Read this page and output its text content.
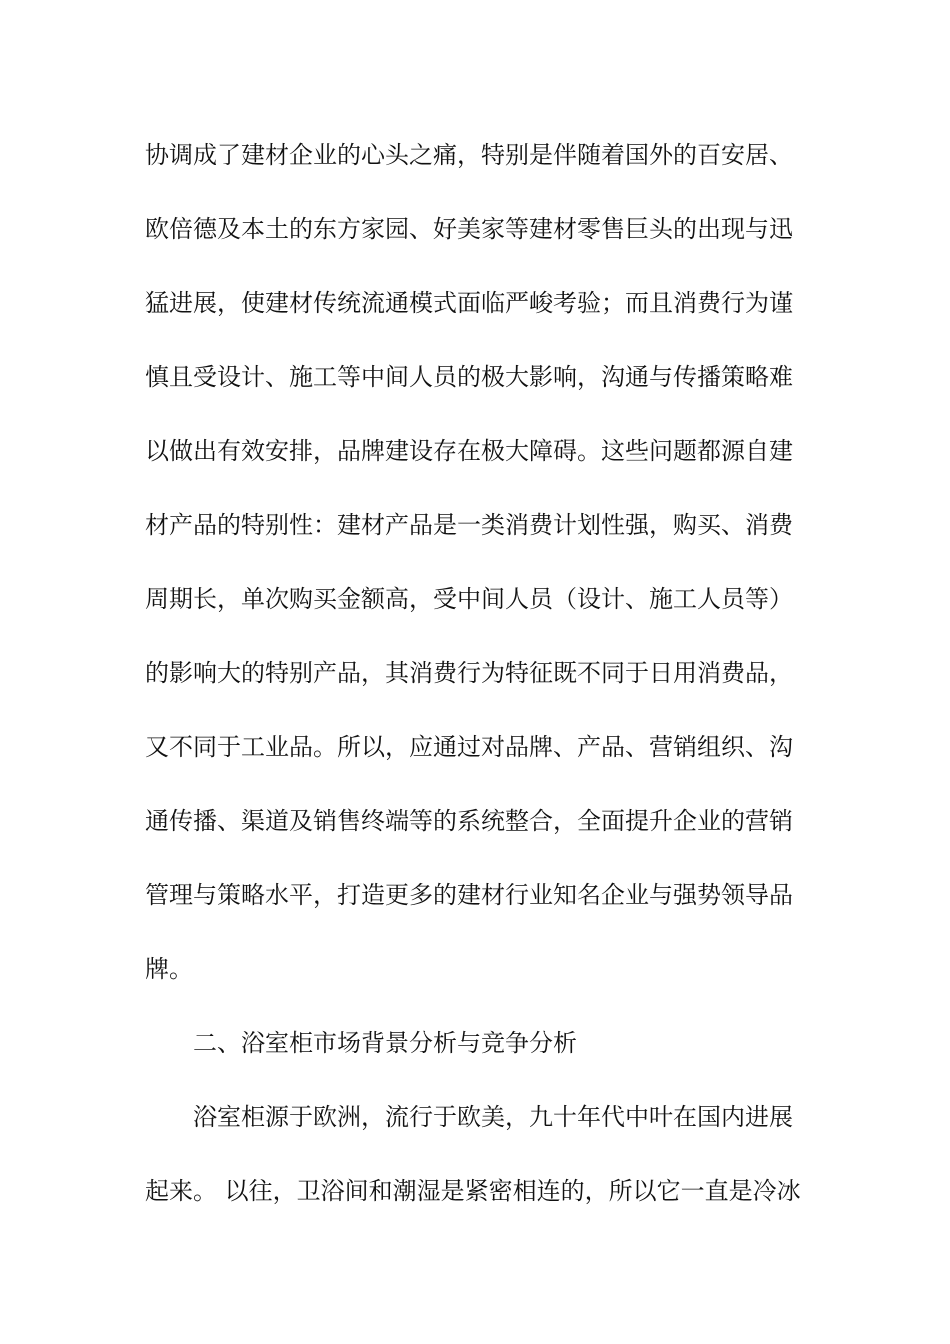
协调成了建材企业的心头之痛，特别是伴随着国外的百安居、
欧倍德及本土的东方家园、好美家等建材零售巨头的出现与迅
猛进展，使建材传统流通模式面临严峻考验；而且消费行为谨
慎且受设计、施工等中间人员的极大影响，沟通与传播策略难
以做出有效安排，品牌建设存在极大障碍。这些问题都源自建
材产品的特别性：建材产品是一类消费计划性强，购买、消费
周期长，单次购买金额高，受中间人员（设计、施工人员等）
的影响大的特别产品，其消费行为特征既不同于日用消费品，
又不同于工业品。所以，应通过对品牌、产品、营销组织、沟
通传播、渠道及销售终端等的系统整合，全面提升企业的营销
管理与策略水平，打造更多的建材行业知名企业与强势领导品
牌。
二、浴室柜市场背景分析与竞争分析
浴室柜源于欧洲，流行于欧美，九十年代中叶在国内进展
起来。 以往，卫浴间和潮湿是紧密相连的，所以它一直是冷冰
